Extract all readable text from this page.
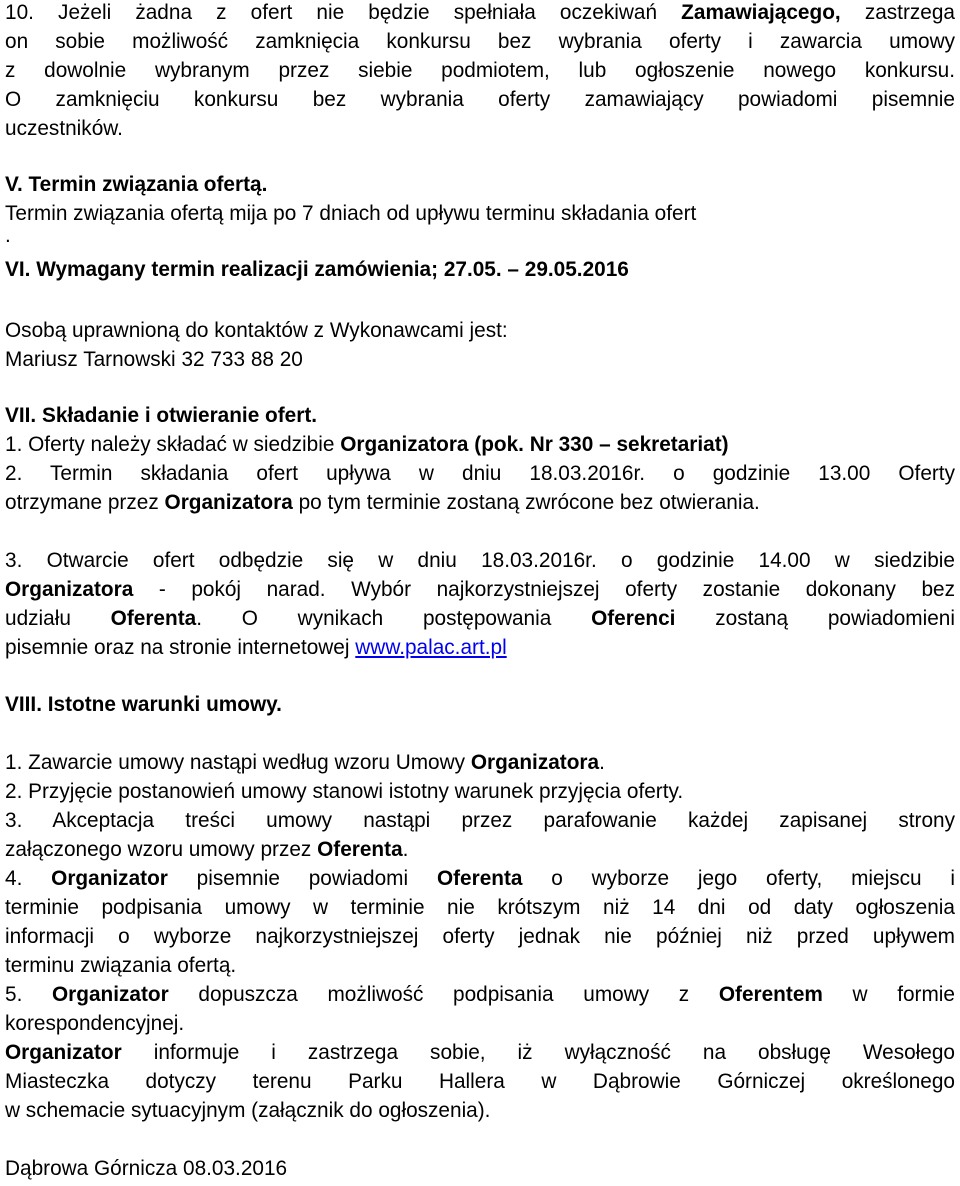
10. Jeżeli żadna z ofert nie będzie spełniała oczekiwań Zamawiającego, zastrzega
on sobie możliwość zamknięcia konkursu bez wybrania oferty i zawarcia umowy
z dowolnie wybranym przez siebie podmiotem, lub ogłoszenie nowego konkursu.
O zamknięciu konkursu bez wybrania oferty zamawiający powiadomi pisemnie
uczestników.
V. Termin związania ofertą.
Termin związania ofertą mija po 7 dniach od upływu terminu składania ofert
.
VI. Wymagany termin realizacji zamówienia; 27.05. – 29.05.2016
Osobą uprawnioną do kontaktów z Wykonawcami jest:
Mariusz Tarnowski 32 733 88 20
VII. Składanie i otwieranie ofert.
1. Oferty należy składać w siedzibie Organizatora (pok. Nr 330 – sekretariat)
2. Termin składania ofert upływa w dniu 18.03.2016r. o godzinie 13.00 Oferty
otrzymane przez Organizatora po tym terminie zostaną zwrócone bez otwierania.
3. Otwarcie ofert odbędzie się w dniu 18.03.2016r. o godzinie 14.00 w siedzibie
Organizatora - pokój narad. Wybór najkorzystniejszej oferty zostanie dokonany bez
udziału Oferenta. O wynikach postępowania Oferenci zostaną powiadomieni
pisemnie oraz na stronie internetowej www.palac.art.pl
VIII. Istotne warunki umowy.
1. Zawarcie umowy nastąpi według wzoru Umowy Organizatora.
2. Przyjęcie postanowień umowy stanowi istotny warunek przyjęcia oferty.
3. Akceptacja treści umowy nastąpi przez parafowanie każdej zapisanej strony
załączonego wzoru umowy przez Oferenta.
4. Organizator pisemnie powiadomi Oferenta o wyborze jego oferty, miejscu i
terminie podpisania umowy w terminie nie krótszym niż 14 dni od daty ogłoszenia
informacji o wyborze najkorzystniejszej oferty jednak nie później niż przed upływem
terminu związania ofertą.
5. Organizator dopuszcza możliwość podpisania umowy z Oferentem w formie
korespondencyjnej.
Organizator informuje i zastrzega sobie, iż wyłączność na obsługę Wesołego
Miasteczka dotyczy terenu Parku Hallera w Dąbrowie Górniczej określonego
w schemacie sytuacyjnym (załącznik do ogłoszenia).
Dąbrowa Górnicza 08.03.2016
